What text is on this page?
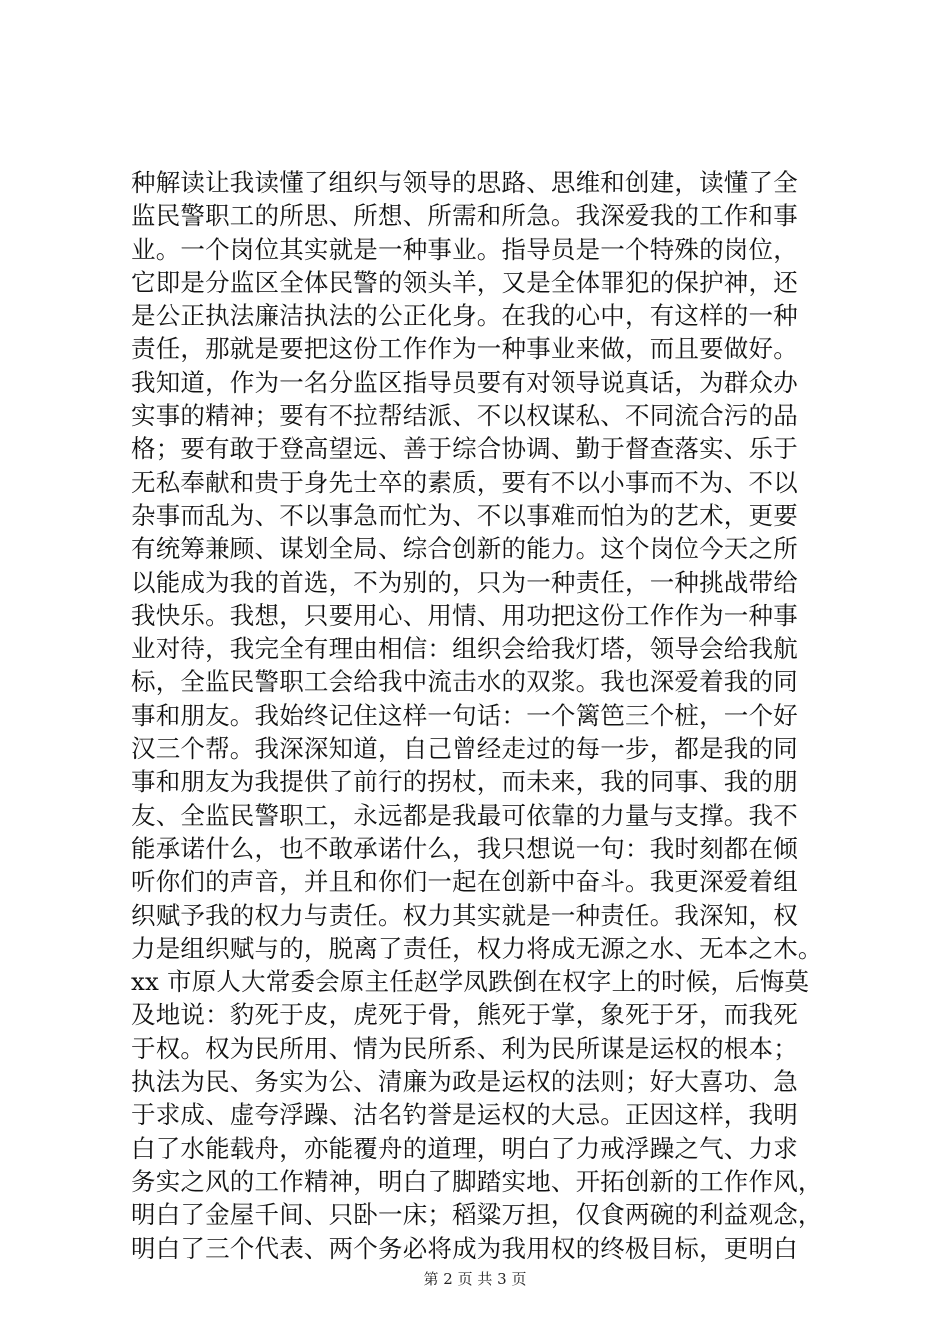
种解读让我读懂了组织与领导的思路、思维和创建，读懂了全
监民警职工的所思、所想、所需和所急。我深爱我的工作和事
业。一个岗位其实就是一种事业。指导员是一个特殊的岗位，
它即是分监区全体民警的领头羊，又是全体罪犯的保护神，还
是公正执法廉洁执法的公正化身。在我的心中，有这样的一种
责任，那就是要把这份工作作为一种事业来做，而且要做好。
我知道，作为一名分监区指导员要有对领导说真话，为群众办
实事的精神；要有不拉帮结派、不以权谋私、不同流合污的品
格；要有敢于登高望远、善于综合协调、勤于督查落实、乐于
无私奉献和贵于身先士卒的素质，要有不以小事而不为、不以
杂事而乱为、不以事急而忙为、不以事难而怕为的艺术，更要
有统筹兼顾、谋划全局、综合创新的能力。这个岗位今天之所
以能成为我的首选，不为别的，只为一种责任，一种挑战带给
我快乐。我想，只要用心、用情、用功把这份工作作为一种事
业对待，我完全有理由相信：组织会给我灯塔，领导会给我航
标，全监民警职工会给我中流击水的双浆。我也深爱着我的同
事和朋友。我始终记住这样一句话：一个篱笆三个桩，一个好
汉三个帮。我深深知道，自己曾经走过的每一步，都是我的同
事和朋友为我提供了前行的拐杖，而未来，我的同事、我的朋
友、全监民警职工，永远都是我最可依靠的力量与支撑。我不
能承诺什么，也不敢承诺什么，我只想说一句：我时刻都在倾
听你们的声音，并且和你们一起在创新中奋斗。我更深爱着组
织赋予我的权力与责任。权力其实就是一种责任。我深知，权
力是组织赋与的，脱离了责任，权力将成无源之水、无本之木。
xx 市原人大常委会原主任赵学凤跌倒在权字上的时候，后悔莫
及地说：豹死于皮，虎死于骨，熊死于掌，象死于牙，而我死
于权。权为民所用、情为民所系、利为民所谋是运权的根本；
执法为民、务实为公、清廉为政是运权的法则；好大喜功、急
于求成、虚夸浮躁、沽名钓誉是运权的大忌。正因这样，我明
白了水能载舟，亦能覆舟的道理，明白了力戒浮躁之气、力求
务实之风的工作精神，明白了脚踏实地、开拓创新的工作作风，
明白了金屋千间、只卧一床；稻粱万担，仅食两碗的利益观念，
明白了三个代表、两个务必将成为我用权的终极目标，更明白

第 2 页 共 3 页
